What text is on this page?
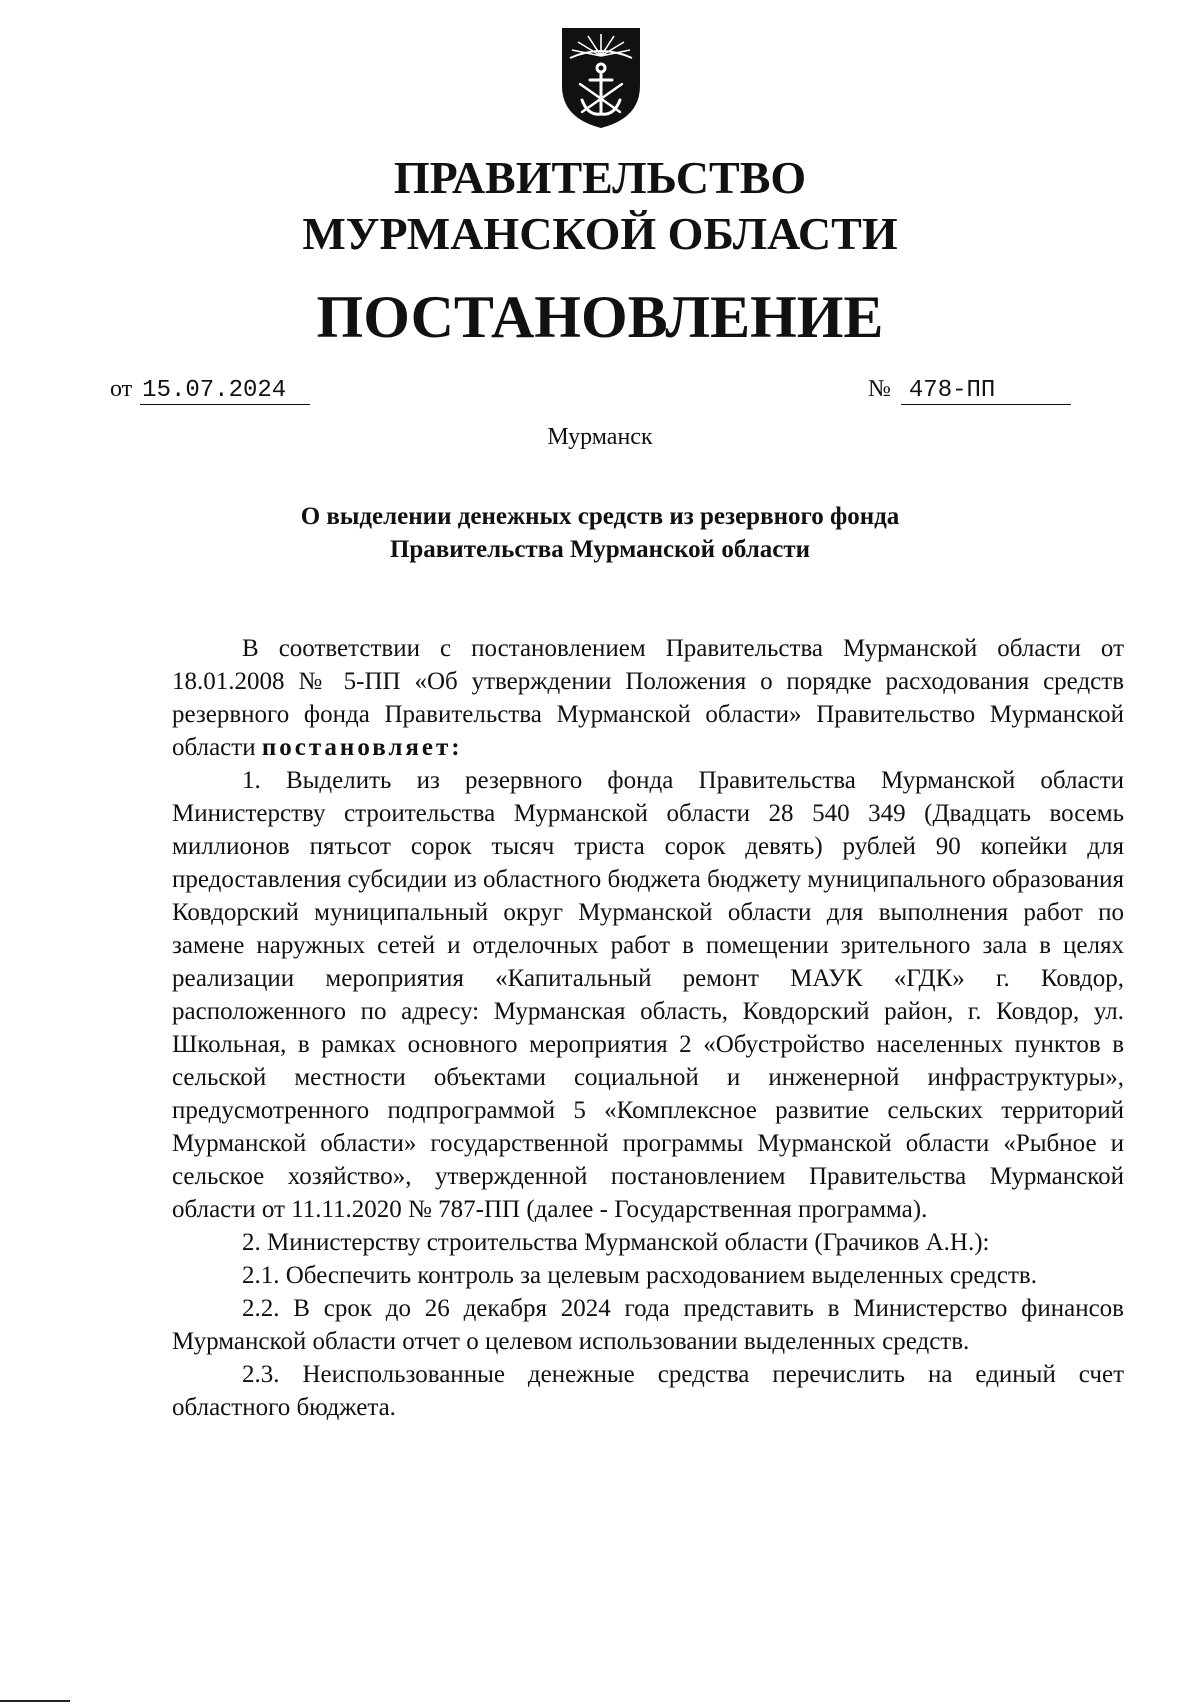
ПРАВИТЕЛЬСТВО
МУРМАНСКОЙ ОБЛАСТИ
ПОСТАНОВЛЕНИЕ
от 15.07.2024	№ 478-ПП
Мурманск
О выделении денежных средств из резервного фонда
Правительства Мурманской области

В соответствии с постановлением Правительства Мурманской области от 18.01.2008 № 5-ПП «Об утверждении Положения о порядке расходования средств резервного фонда Правительства Мурманской области» Правительство Мурманской области постановляет:

1. Выделить из резервного фонда Правительства Мурманской области Министерству строительства Мурманской области 28 540 349 (Двадцать восемь миллионов пятьсот сорок тысяч триста сорок девять) рублей 90 копейки для предоставления субсидии из областного бюджета бюджету муниципального образования Ковдорский муниципальный округ Мурманской области для выполнения работ по замене наружных сетей и отделочных работ в помещении зрительного зала в целях реализации мероприятия «Капитальный ремонт МАУК «ГДК» г. Ковдор, расположенного по адресу: Мурманская область, Ковдорский район, г. Ковдор, ул. Школьная, в рамках основного мероприятия 2 «Обустройство населенных пунктов в сельской местности объектами социальной и инженерной инфраструктуры», предусмотренного подпрограммой 5 «Комплексное развитие сельских территорий Мурманской области» государственной программы Мурманской области «Рыбное и сельское хозяйство», утвержденной постановлением Правительства Мурманской области от 11.11.2020 № 787-ПП (далее - Государственная программа).

2. Министерству строительства Мурманской области (Грачиков А.Н.):

2.1. Обеспечить контроль за целевым расходованием выделенных средств.

2.2. В срок до 26 декабря 2024 года представить в Министерство финансов Мурманской области отчет о целевом использовании выделенных средств.

2.3. Неиспользованные денежные средства перечислить на единый счет областного бюджета.
